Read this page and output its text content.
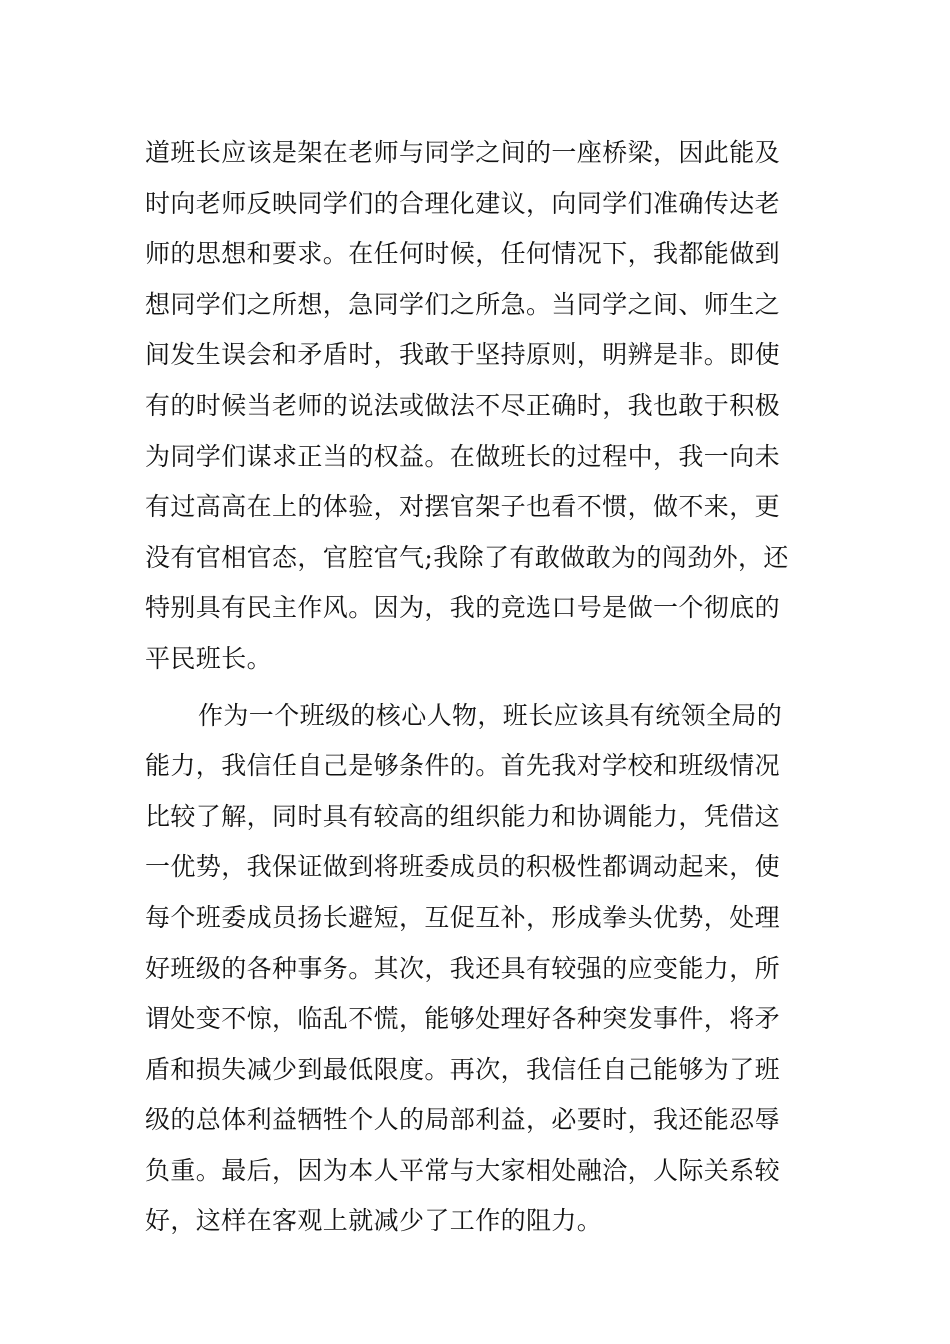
道班长应该是架在老师与同学之间的一座桥梁，因此能及
时向老师反映同学们的合理化建议，向同学们准确传达老
师的思想和要求。在任何时候，任何情况下，我都能做到
想同学们之所想，急同学们之所急。当同学之间、师生之
间发生误会和矛盾时，我敢于坚持原则，明辨是非。即使
有的时候当老师的说法或做法不尽正确时，我也敢于积极
为同学们谋求正当的权益。在做班长的过程中，我一向未
有过高高在上的体验，对摆官架子也看不惯，做不来，更
没有官相官态，官腔官气;我除了有敢做敢为的闯劲外，还
特别具有民主作风。因为，我的竞选口号是做一个彻底的
平民班长。
作为一个班级的核心人物，班长应该具有统领全局的
能力，我信任自己是够条件的。首先我对学校和班级情况
比较了解，同时具有较高的组织能力和协调能力，凭借这
一优势，我保证做到将班委成员的积极性都调动起来，使
每个班委成员扬长避短，互促互补，形成拳头优势，处理
好班级的各种事务。其次，我还具有较强的应变能力，所
谓处变不惊，临乱不慌，能够处理好各种突发事件，将矛
盾和损失减少到最低限度。再次，我信任自己能够为了班
级的总体利益牺牲个人的局部利益，必要时，我还能忍辱
负重。最后，因为本人平常与大家相处融洽，人际关系较
好，这样在客观上就减少了工作的阻力。
